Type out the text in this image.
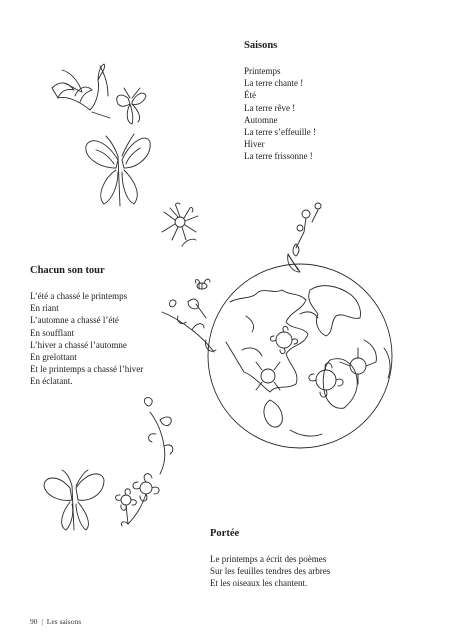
Saisons
Printemps
La terre chante !
Été
La terre rêve !
Automne
La terre s’effeuille !
Hiver
La terre frissonne !
Chacun son tour
L’été a chassé le printemps
En riant
L’automne a chassé l’été
En soufflant
L’hiver a chassé l’automne
En grelottant
Et le printemps a chassé l’hiver
En éclatant.
Portée
Le printemps a écrit des poèmes
Sur les feuilles tendres des arbres
Et les oiseaux les chantent.
90 | Les saisons
